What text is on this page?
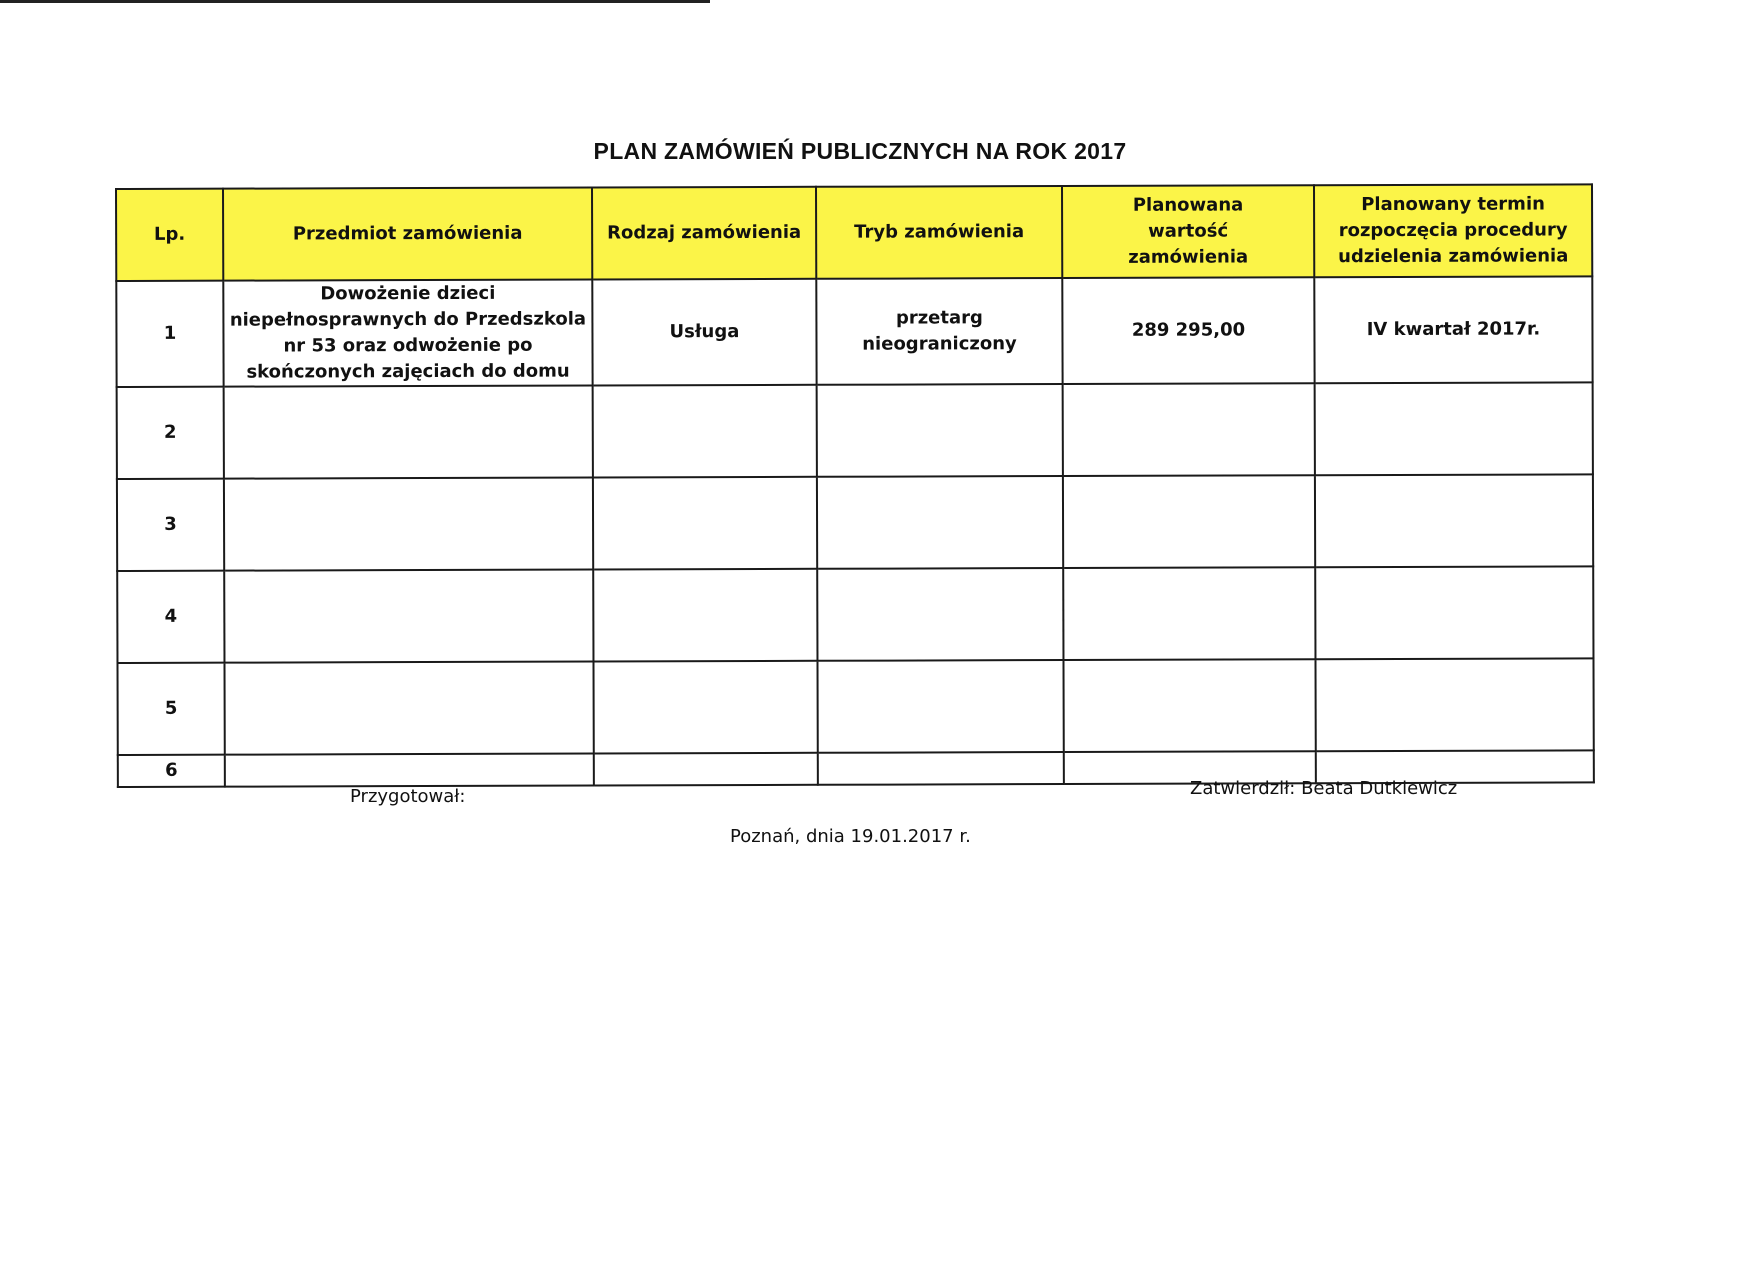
PLAN ZAMÓWIEŃ PUBLICZNYCH NA ROK 2017
Lp.	Przedmiot zamówienia	Rodzaj zamówienia	Tryb zamówienia	Planowana wartość zamówienia	Planowany termin rozpoczęcia procedury udzielenia zamówienia
1	Dowożenie dzieci niepełnosprawnych do Przedszkola nr 53 oraz odwożenie po skończonych zajęciach do domu	Usługa	przetarg nieograniczony	289 295,00	IV kwartał 2017r.
2					
3					
4					
5					
6					
Przygotował:	Zatwierdził: Beata Dutkiewicz
Poznań, dnia 19.01.2017 r.
